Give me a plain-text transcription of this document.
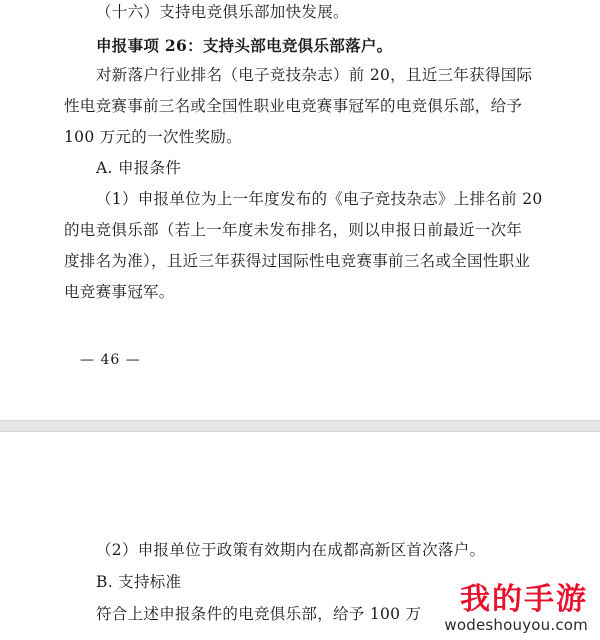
（十六）支持电竞俱乐部加快发展。
申报事项 26：支持头部电竞俱乐部落户。
对新落户行业排名（电子竞技杂志）前 20，且近三年获得国际
性电竞赛事前三名或全国性职业电竞赛事冠军的电竞俱乐部，给予
100 万元的一次性奖励。
A. 申报条件
（1）申报单位为上一年度发布的《电子竞技杂志》上排名前 20
的电竞俱乐部（若上一年度未发布排名，则以申报日前最近一次年
度排名为准），且近三年获得过国际性电竞赛事前三名或全国性职业
电竞赛事冠军。
— 46 —
（2）申报单位于政策有效期内在成都高新区首次落户。
B. 支持标准
符合上述申报条件的电竞俱乐部，给予 100 万 我的手游
wodeshouyou.com
